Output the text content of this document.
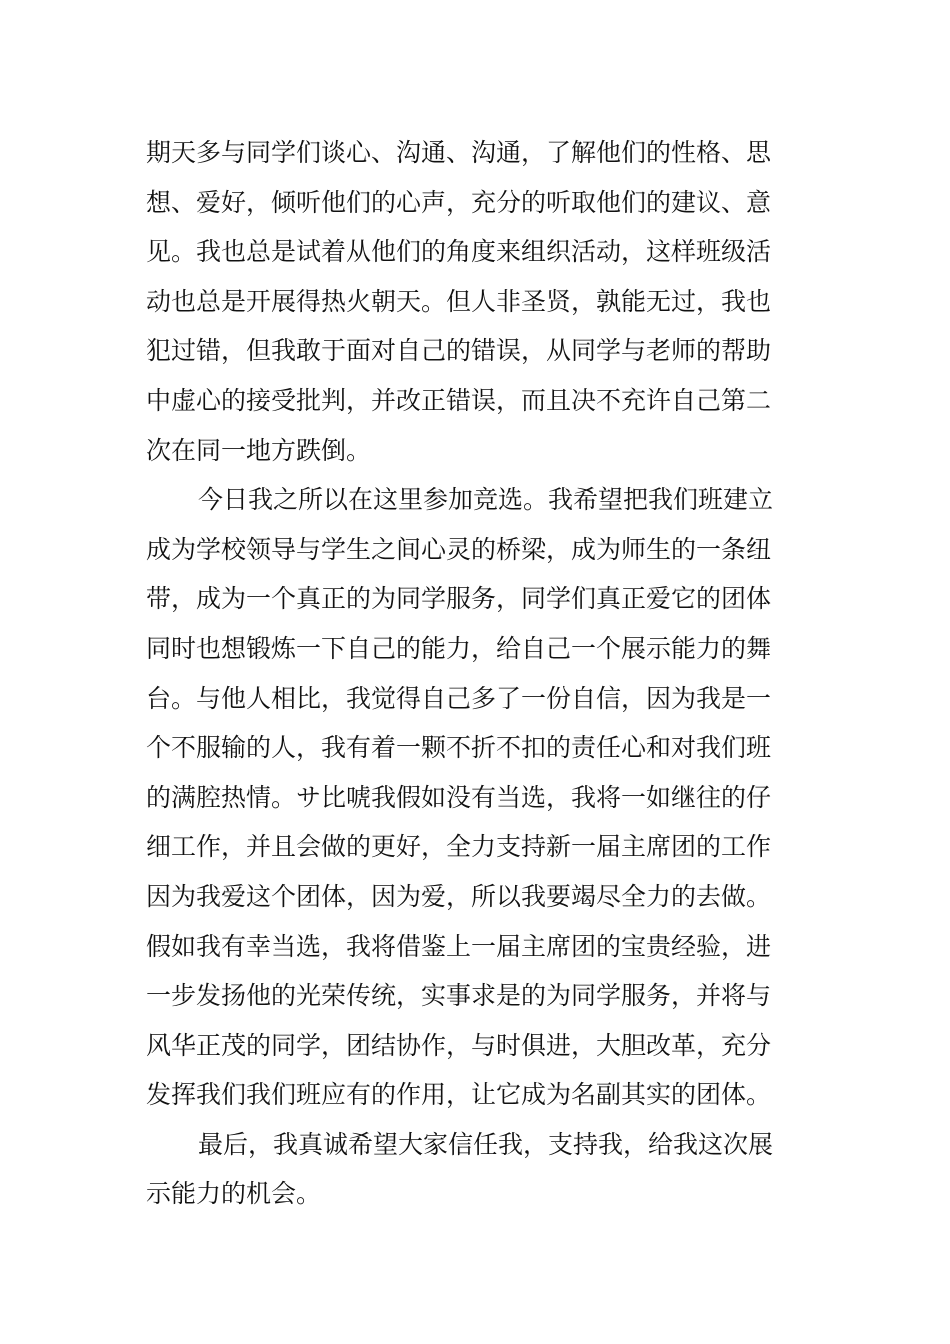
期天多与同学们谈心、沟通、沟通，了解他们的性格、思
想、爱好，倾听他们的心声，充分的听取他们的建议、意
见。我也总是试着从他们的角度来组织活动，这样班级活
动也总是开展得热火朝天。但人非圣贤，孰能无过，我也
犯过错，但我敢于面对自己的错误，从同学与老师的帮助
中虚心的接受批判，并改正错误，而且决不充许自己第二
次在同一地方跌倒。
今日我之所以在这里参加竞选。我希望把我们班建立
成为学校领导与学生之间心灵的桥梁，成为师生的一条纽
带，成为一个真正的为同学服务，同学们真正爱它的团体
同时也想锻炼一下自己的能力，给自己一个展示能力的舞
台。与他人相比，我觉得自己多了一份自信，因为我是一
个不服输的人，我有着一颗不折不扣的责任心和对我们班
的满腔热情。サ比唬我假如没有当选，我将一如继往的仔
细工作，并且会做的更好，全力支持新一届主席团的工作
因为我爱这个团体，因为爱，所以我要竭尽全力的去做。
假如我有幸当选，我将借鉴上一届主席团的宝贵经验，进
一步发扬他的光荣传统，实事求是的为同学服务，并将与
风华正茂的同学，团结协作，与时俱进，大胆改革，充分
发挥我们我们班应有的作用，让它成为名副其实的团体。
最后，我真诚希望大家信任我，支持我，给我这次展
示能力的机会。
